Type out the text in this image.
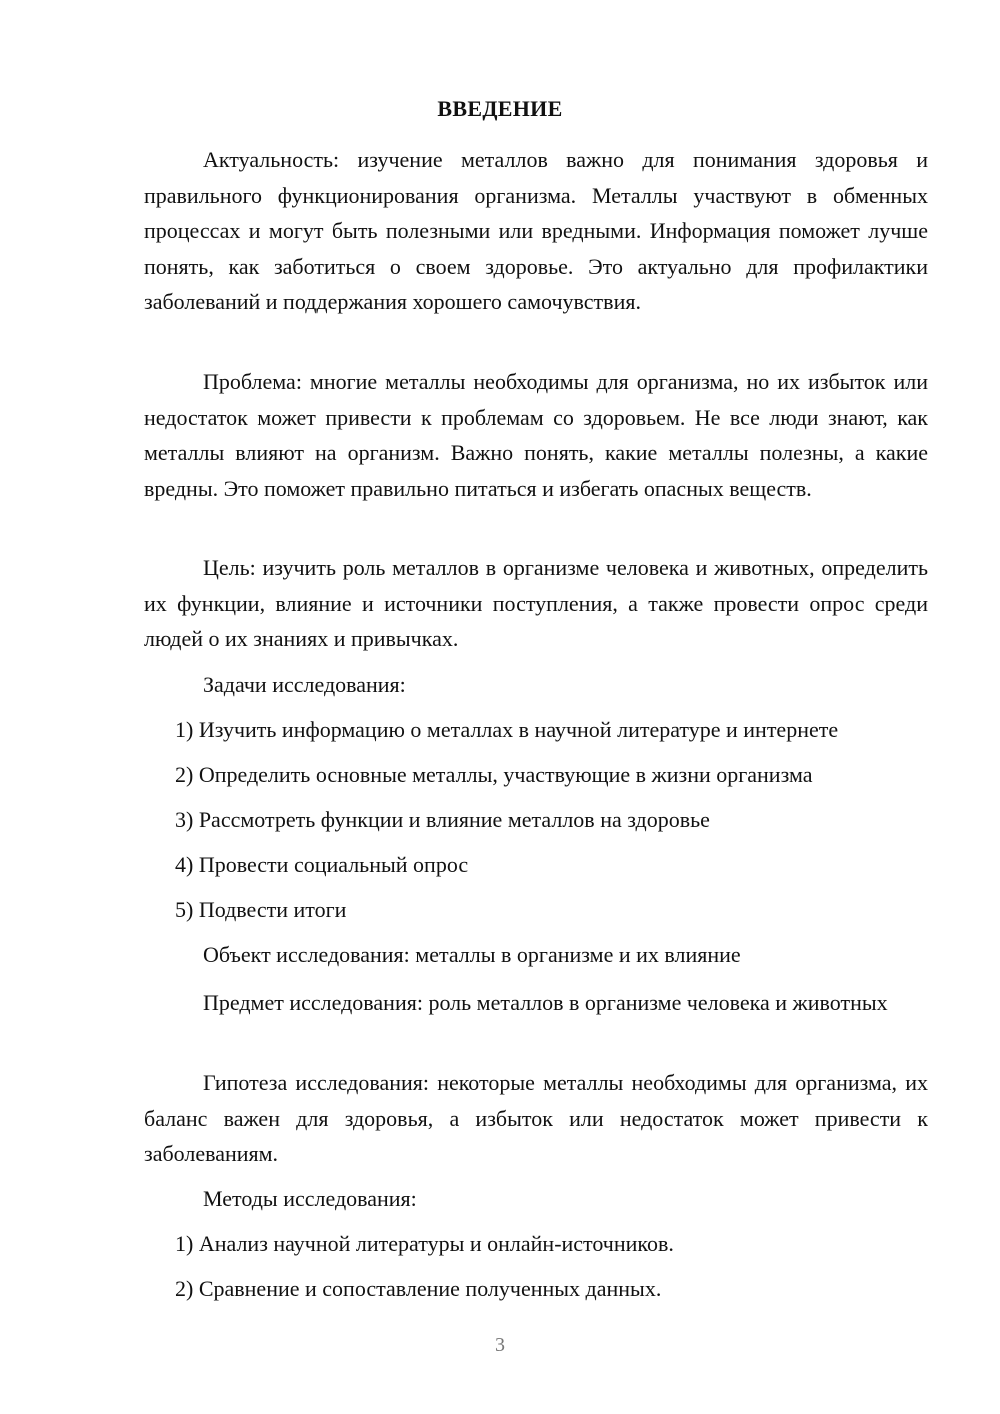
ВВЕДЕНИЕ

Актуальность: изучение металлов важно для понимания здоровья и правильного функционирования организма. Металлы участвуют в обменных процессах и могут быть полезными или вредными. Информация поможет лучше понять, как заботиться о своем здоровье. Это актуально для профилактики заболеваний и поддержания хорошего самочувствия.

Проблема: многие металлы необходимы для организма, но их избыток или недостаток может привести к проблемам со здоровьем. Не все люди знают, как металлы влияют на организм. Важно понять, какие металлы полезны, а какие вредны. Это поможет правильно питаться и избегать опасных веществ.

Цель: изучить роль металлов в организме человека и животных, определить их функции, влияние и источники поступления, а также провести опрос среди людей о их знаниях и привычках.

Задачи исследования:
1) Изучить информацию о металлах в научной литературе и интернете
2) Определить основные металлы, участвующие в жизни организма
3) Рассмотреть функции и влияние металлов на здоровье
4) Провести социальный опрос
5) Подвести итоги
Объект исследования: металлы в организме и их влияние

Предмет исследования: роль металлов в организме человека и животных

Гипотеза исследования: некоторые металлы необходимы для организма, их баланс важен для здоровья, а избыток или недостаток может привести к заболеваниям.

Методы исследования:
1) Анализ научной литературы и онлайн-источников.
2) Сравнение и сопоставление полученных данных.
3
